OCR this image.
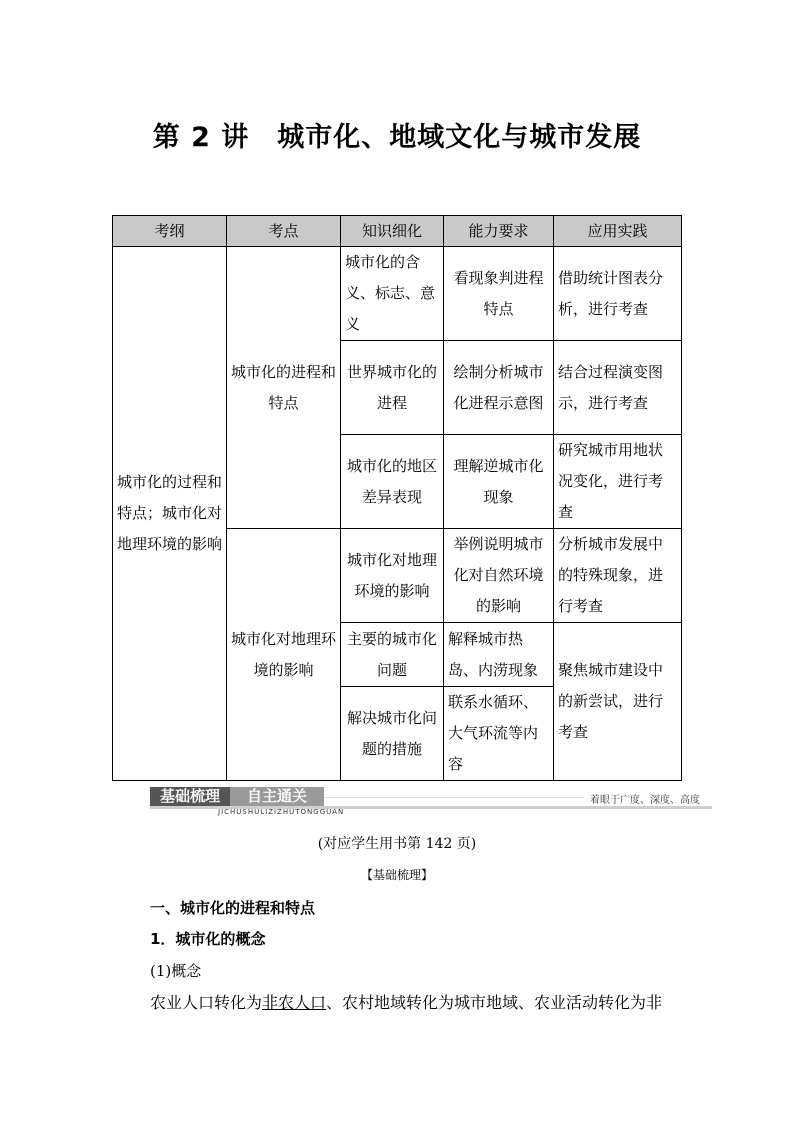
第 2 讲　城市化、地域文化与城市发展
考纲	考点	知识细化	能力要求	应用实践
城市化的过程和特点；城市化对地理环境的影响	城市化的进程和特点	城市化的含义、标志、意义	看现象判进程特点	借助统计图表分析，进行考查
		世界城市化的进程	绘制分析城市化进程示意图	结合过程演变图示，进行考查
		城市化的地区差异表现	理解逆城市化现象	研究城市用地状况变化，进行考查
	城市化对地理环境的影响	城市化对地理环境的影响	举例说明城市化对自然环境的影响	分析城市发展中的特殊现象，进行考查
		主要的城市化问题	解释城市热岛、内涝现象	聚焦城市建设中的新尝试，进行考查
		解决城市化问题的措施	联系水循环、大气环流等内容	
基础梳理	自主通关	着眼于广度、深度、高度
JICHUSHULIZIZHUTONGGUAN
(对应学生用书第 142 页)
【基础梳理】
一、城市化的进程和特点
1．城市化的概念
(1)概念
农业人口转化为非农人口、农村地域转化为城市地域、农业活动转化为非
